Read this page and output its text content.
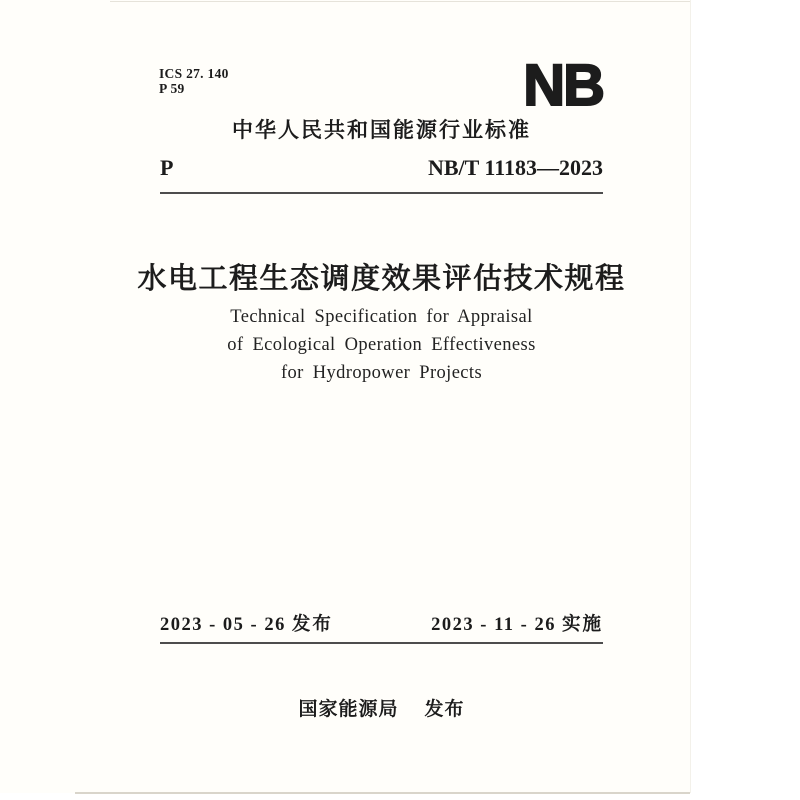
ICS 27. 140
P 59	NB
中华人民共和国能源行业标准
P	NB/T 11183—2023
水电工程生态调度效果评估技术规程
Technical Specification for Appraisal
of Ecological Operation Effectiveness
for Hydropower Projects
2023 - 05 - 26 发布	2023 - 11 - 26 实施
国家能源局 发布
